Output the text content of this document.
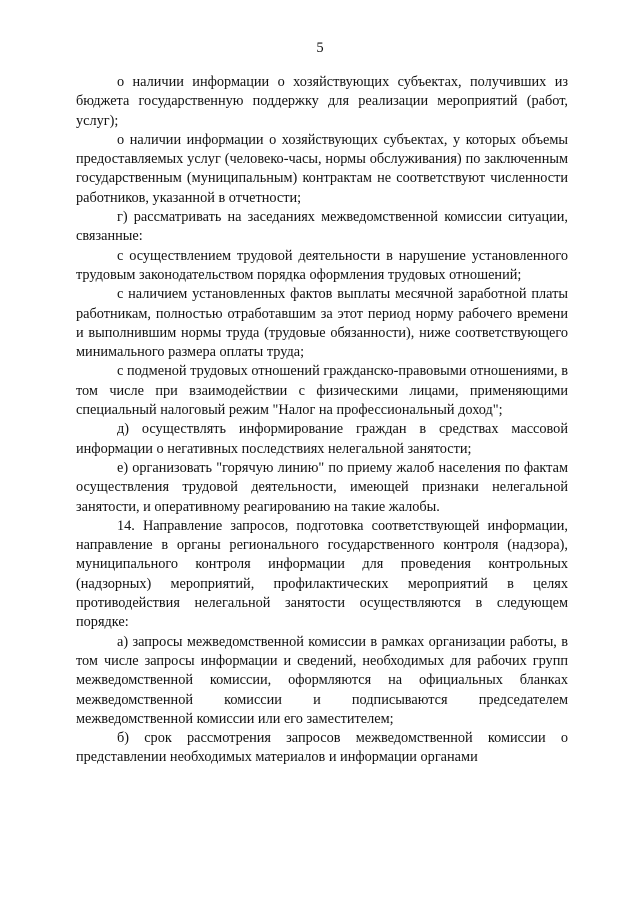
5

о наличии информации о хозяйствующих субъектах, получивших из бюджета государственную поддержку для реализации мероприятий (работ, услуг);

о наличии информации о хозяйствующих субъектах, у которых объемы предоставляемых услуг (человеко-часы, нормы обслуживания) по заключенным государственным (муниципальным) контрактам не соответствуют численности работников, указанной в отчетности;

г) рассматривать на заседаниях межведомственной комиссии ситуации, связанные:

с осуществлением трудовой деятельности в нарушение установленного трудовым законодательством порядка оформления трудовых отношений;

с наличием установленных фактов выплаты месячной заработной платы работникам, полностью отработавшим за этот период норму рабочего времени и выполнившим нормы труда (трудовые обязанности), ниже соответствующего минимального размера оплаты труда;

с подменой трудовых отношений гражданско-правовыми отношениями, в том числе при взаимодействии с физическими лицами, применяющими специальный налоговый режим "Налог на профессиональный доход";

д) осуществлять информирование граждан в средствах массовой информации о негативных последствиях нелегальной занятости;

е) организовать "горячую линию" по приему жалоб населения по фактам осуществления трудовой деятельности, имеющей признаки нелегальной занятости, и оперативному реагированию на такие жалобы.

14. Направление запросов, подготовка соответствующей информации, направление в органы регионального государственного контроля (надзора), муниципального контроля информации для проведения контрольных (надзорных) мероприятий, профилактических мероприятий в целях противодействия нелегальной занятости осуществляются в следующем порядке:

а) запросы межведомственной комиссии в рамках организации работы, в том числе запросы информации и сведений, необходимых для рабочих групп межведомственной комиссии, оформляются на официальных бланках межведомственной комиссии и подписываются председателем межведомственной комиссии или его заместителем;

б) срок рассмотрения запросов межведомственной комиссии о представлении необходимых материалов и информации органами
